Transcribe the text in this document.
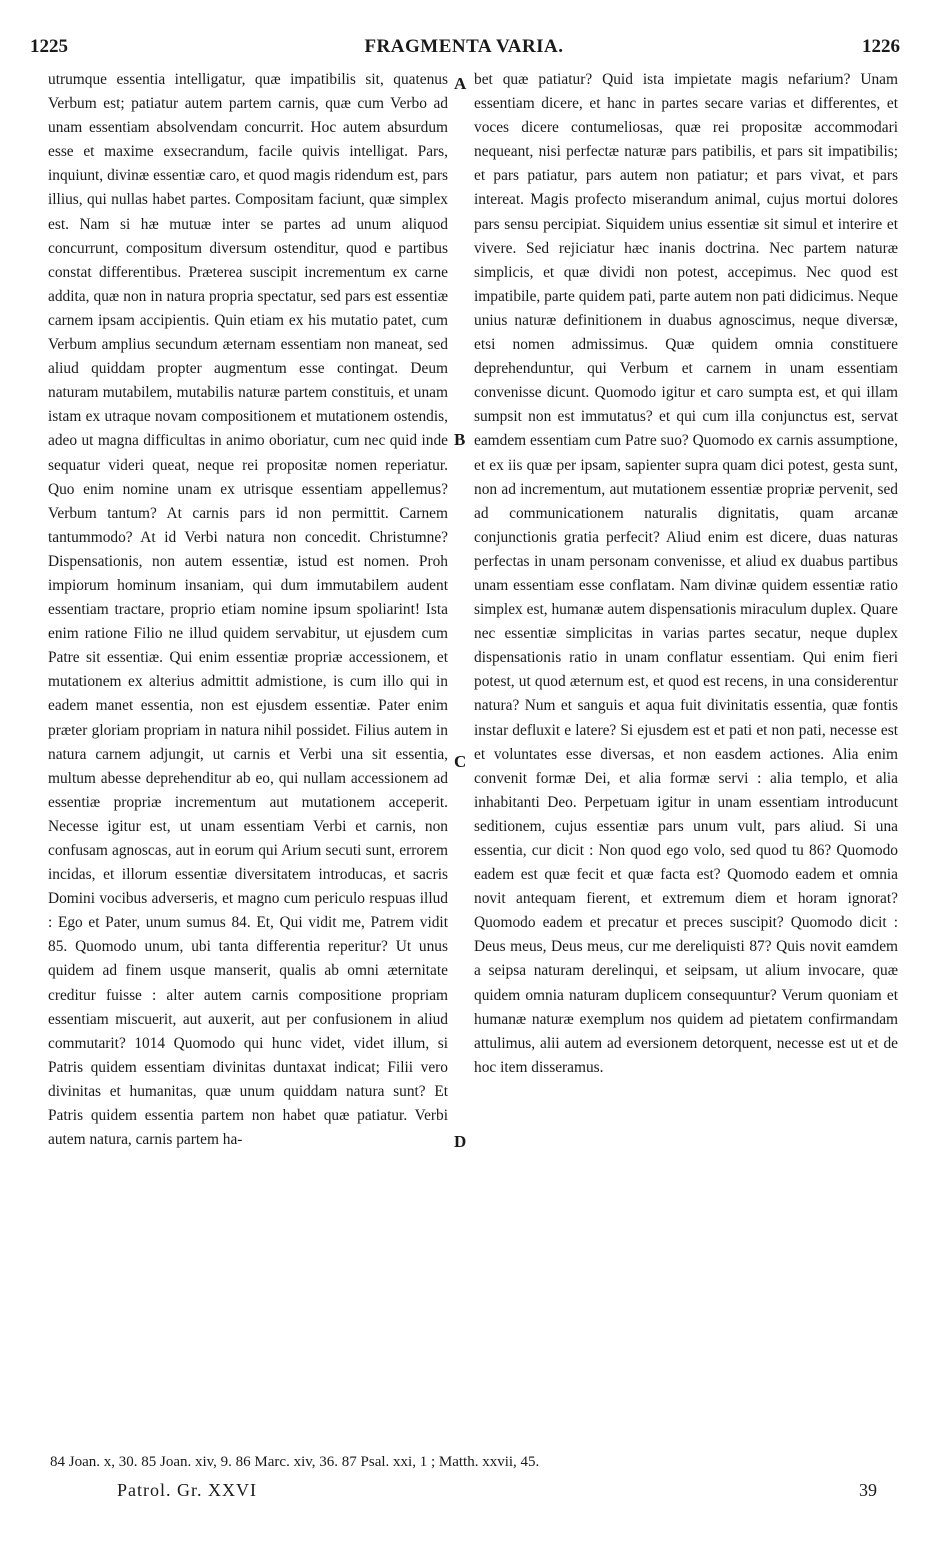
1225	FRAGMENTA VARIA.	1226

utrumque essentia intelligatur, quæ impatibilis sit, quatenus Verbum est; patiatur autem partem carnis, quæ cum Verbo ad unam essentiam absolvendam concurrit. Hoc autem absurdum esse et maxime exsecrandum, facile quivis intelligat. Pars, inquiunt, divinæ essentiæ caro, et quod magis ridendum est, pars illius, qui nullas habet partes. Compositam faciunt, quæ simplex est. Nam si hæ mutuæ inter se partes ad unum aliquod concurrunt, compositum diversum ostenditur, quod e partibus constat differentibus. Præterea suscipit incrementum ex carne addita, quæ non in natura propria spectatur, sed pars est essentiæ carnem ipsam accipientis. Quin etiam ex his mutatio patet, cum Verbum amplius secundum æternam essentiam non maneat, sed aliud quiddam propter augmentum esse contingat. Deum naturam mutabilem, mutabilis naturæ partem constituis, et unam istam ex utraque novam compositionem et mutationem ostendis, adeo ut magna difficultas in animo oboriatur, cum nec quid inde sequatur videri queat, neque rei propositæ nomen reperiatur. Quo enim nomine unam ex utrisque essentiam appellemus? Verbum tantum? At carnis pars id non permittit. Carnem tantummodo? At id Verbi natura non concedit. Christumne? Dispensationis, non autem essentiæ, istud est nomen. Proh impiorum hominum insaniam, qui dum immutabilem audent essentiam tractare, proprio etiam nomine ipsum spoliarint! Ista enim ratione Filio ne illud quidem servabitur, ut ejusdem cum Patre sit essentiæ. Qui enim essentiæ propriæ accessionem, et mutationem ex alterius admittit admistione, is cum illo qui in eadem manet essentia, non est ejusdem essentiæ. Pater enim præter gloriam propriam in natura nihil possidet. Filius autem in natura carnem adjungit, ut carnis et Verbi una sit essentia, multum abesse deprehenditur ab eo, qui nullam accessionem ad essentiæ propriæ incrementum aut mutationem acceperit. Necesse igitur est, ut unam essentiam Verbi et carnis, non confusam agnoscas, aut in eorum qui Arium secuti sunt, errorem incidas, et illorum essentiæ diversitatem introducas, et sacris Domini vocibus adverseris, et magno cum periculo respuas illud : Ego et Pater, unum sumus 84. Et, Qui vidit me, Patrem vidit 85. Quomodo unum, ubi tanta differentia reperitur? Ut unus quidem ad finem usque manserit, qualis ab omni æternitate creditur fuisse : alter autem carnis compositione propriam essentiam miscuerit, aut auxerit, aut per confusionem in aliud commutarit? 1014 Quomodo qui hunc videt, videt illum, si Patris quidem essentiam divinitas duntaxat indicat; Filii vero divinitas et humanitas, quæ unum quiddam natura sunt? Et Patris quidem essentia partem non habet quæ patiatur. Verbi autem natura, carnis partem ha-

A
B
C
D

bet quæ patiatur? Quid ista impietate magis nefarium? Unam essentiam dicere, et hanc in partes secare varias et differentes, et voces dicere contumeliosas, quæ rei propositæ accommodari nequeant, nisi perfectæ naturæ pars patibilis, et pars sit impatibilis; et pars patiatur, pars autem non patiatur; et pars vivat, et pars intereat. Magis profecto miserandum animal, cujus mortui dolores pars sensu percipiat. Siquidem unius essentiæ sit simul et interire et vivere. Sed rejiciatur hæc inanis doctrina. Nec partem naturæ simplicis, et quæ dividi non potest, accepimus. Nec quod est impatibile, parte quidem pati, parte autem non pati didicimus. Neque unius naturæ definitionem in duabus agnoscimus, neque diversæ, etsi nomen admissimus. Quæ quidem omnia constituere deprehenduntur, qui Verbum et carnem in unam essentiam convenisse dicunt. Quomodo igitur et caro sumpta est, et qui illam sumpsit non est immutatus? et qui cum illa conjunctus est, servat eamdem essentiam cum Patre suo? Quomodo ex carnis assumptione, et ex iis quæ per ipsam, sapienter supra quam dici potest, gesta sunt, non ad incrementum, aut mutationem essentiæ propriæ pervenit, sed ad communicationem naturalis dignitatis, quam arcanæ conjunctionis gratia perfecit? Aliud enim est dicere, duas naturas perfectas in unam personam convenisse, et aliud ex duabus partibus unam essentiam esse conflatam. Nam divinæ quidem essentiæ ratio simplex est, humanæ autem dispensationis miraculum duplex. Quare nec essentiæ simplicitas in varias partes secatur, neque duplex dispensationis ratio in unam conflatur essentiam. Qui enim fieri potest, ut quod æternum est, et quod est recens, in una considerentur natura? Num et sanguis et aqua fuit divinitatis essentia, quæ fontis instar defluxit e latere? Si ejusdem est et pati et non pati, necesse est et voluntates esse diversas, et non easdem actiones. Alia enim convenit formæ Dei, et alia formæ servi : alia templo, et alia inhabitanti Deo. Perpetuam igitur in unam essentiam introducunt seditionem, cujus essentiæ pars unum vult, pars aliud. Si una essentia, cur dicit : Non quod ego volo, sed quod tu 86? Quomodo eadem est quæ fecit et quæ facta est? Quomodo eadem et omnia novit antequam fierent, et extremum diem et horam ignorat? Quomodo eadem et precatur et preces suscipit? Quomodo dicit : Deus meus, Deus meus, cur me dereliquisti 87? Quis novit eamdem a seipsa naturam derelinqui, et seipsam, ut alium invocare, quæ quidem omnia naturam duplicem consequuntur? Verum quoniam et humanæ naturæ exemplum nos quidem ad pietatem confirmandam attulimus, alii autem ad eversionem detorquent, necesse est ut et de hoc item disseramus.

84 Joan. x, 30. 85 Joan. xiv, 9. 86 Marc. xiv, 36. 87 Psal. xxi, 1 ; Matth. xxvii, 45.
Patrol. Gr. XXVI	39
